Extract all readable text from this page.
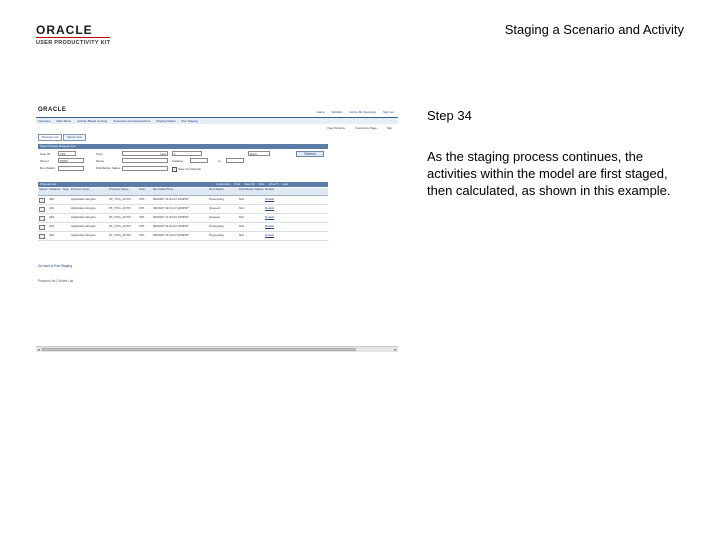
ORACLE
USER PRODUCTIVITY KIT
Staging a Scenario and Activity
Step 34
As the staging process continues, the activities within the model are first staged, then calculated, as shown in this example.
ORACLE	Home Worklist Add to My Favorites Sign out
Favorites Main Menu Activity-Based Costing Scenarios and Assumptions Staging Model Run Staging
New Window	Customize Page	http
Process List	Server List
View Process Request For
User ID	VP1	Type	Last	1	Days	Refresh
Server	PSNT	Name	Instance	to
Run Status	Distribution Status	✓ Save On Refresh
Process List	Customize Find View All First 1-5 of 5 Last
Select Instance Seq. Process Type	Process Name	User	Run Date/Time	Run Status	Distribution Status Details
430	Application Engine	PF_STG_ACTIV	VP1	09/04/07 11:04:27.229PDT	Processing	N/A	Details
431	Application Engine	PF_STG_ACTIV	VP1	09/04/07 11:04:27.229PDT	Queued	N/A	Details
432	Application Engine	PF_STG_ACTIV	VP1	09/04/07 11:04:27.229PDT	Queued	N/A	Details
433	Application Engine	PF_STG_ACTIV	VP1	09/04/07 11:04:27.229PDT	Processing	N/A	Details
434	Application Engine	PF_STG_ACTIV	VP1	09/04/07 11:04:27.229PDT	Processing	N/A	Details
Go back to Run Staging
Process List | Server List
◂	▸
